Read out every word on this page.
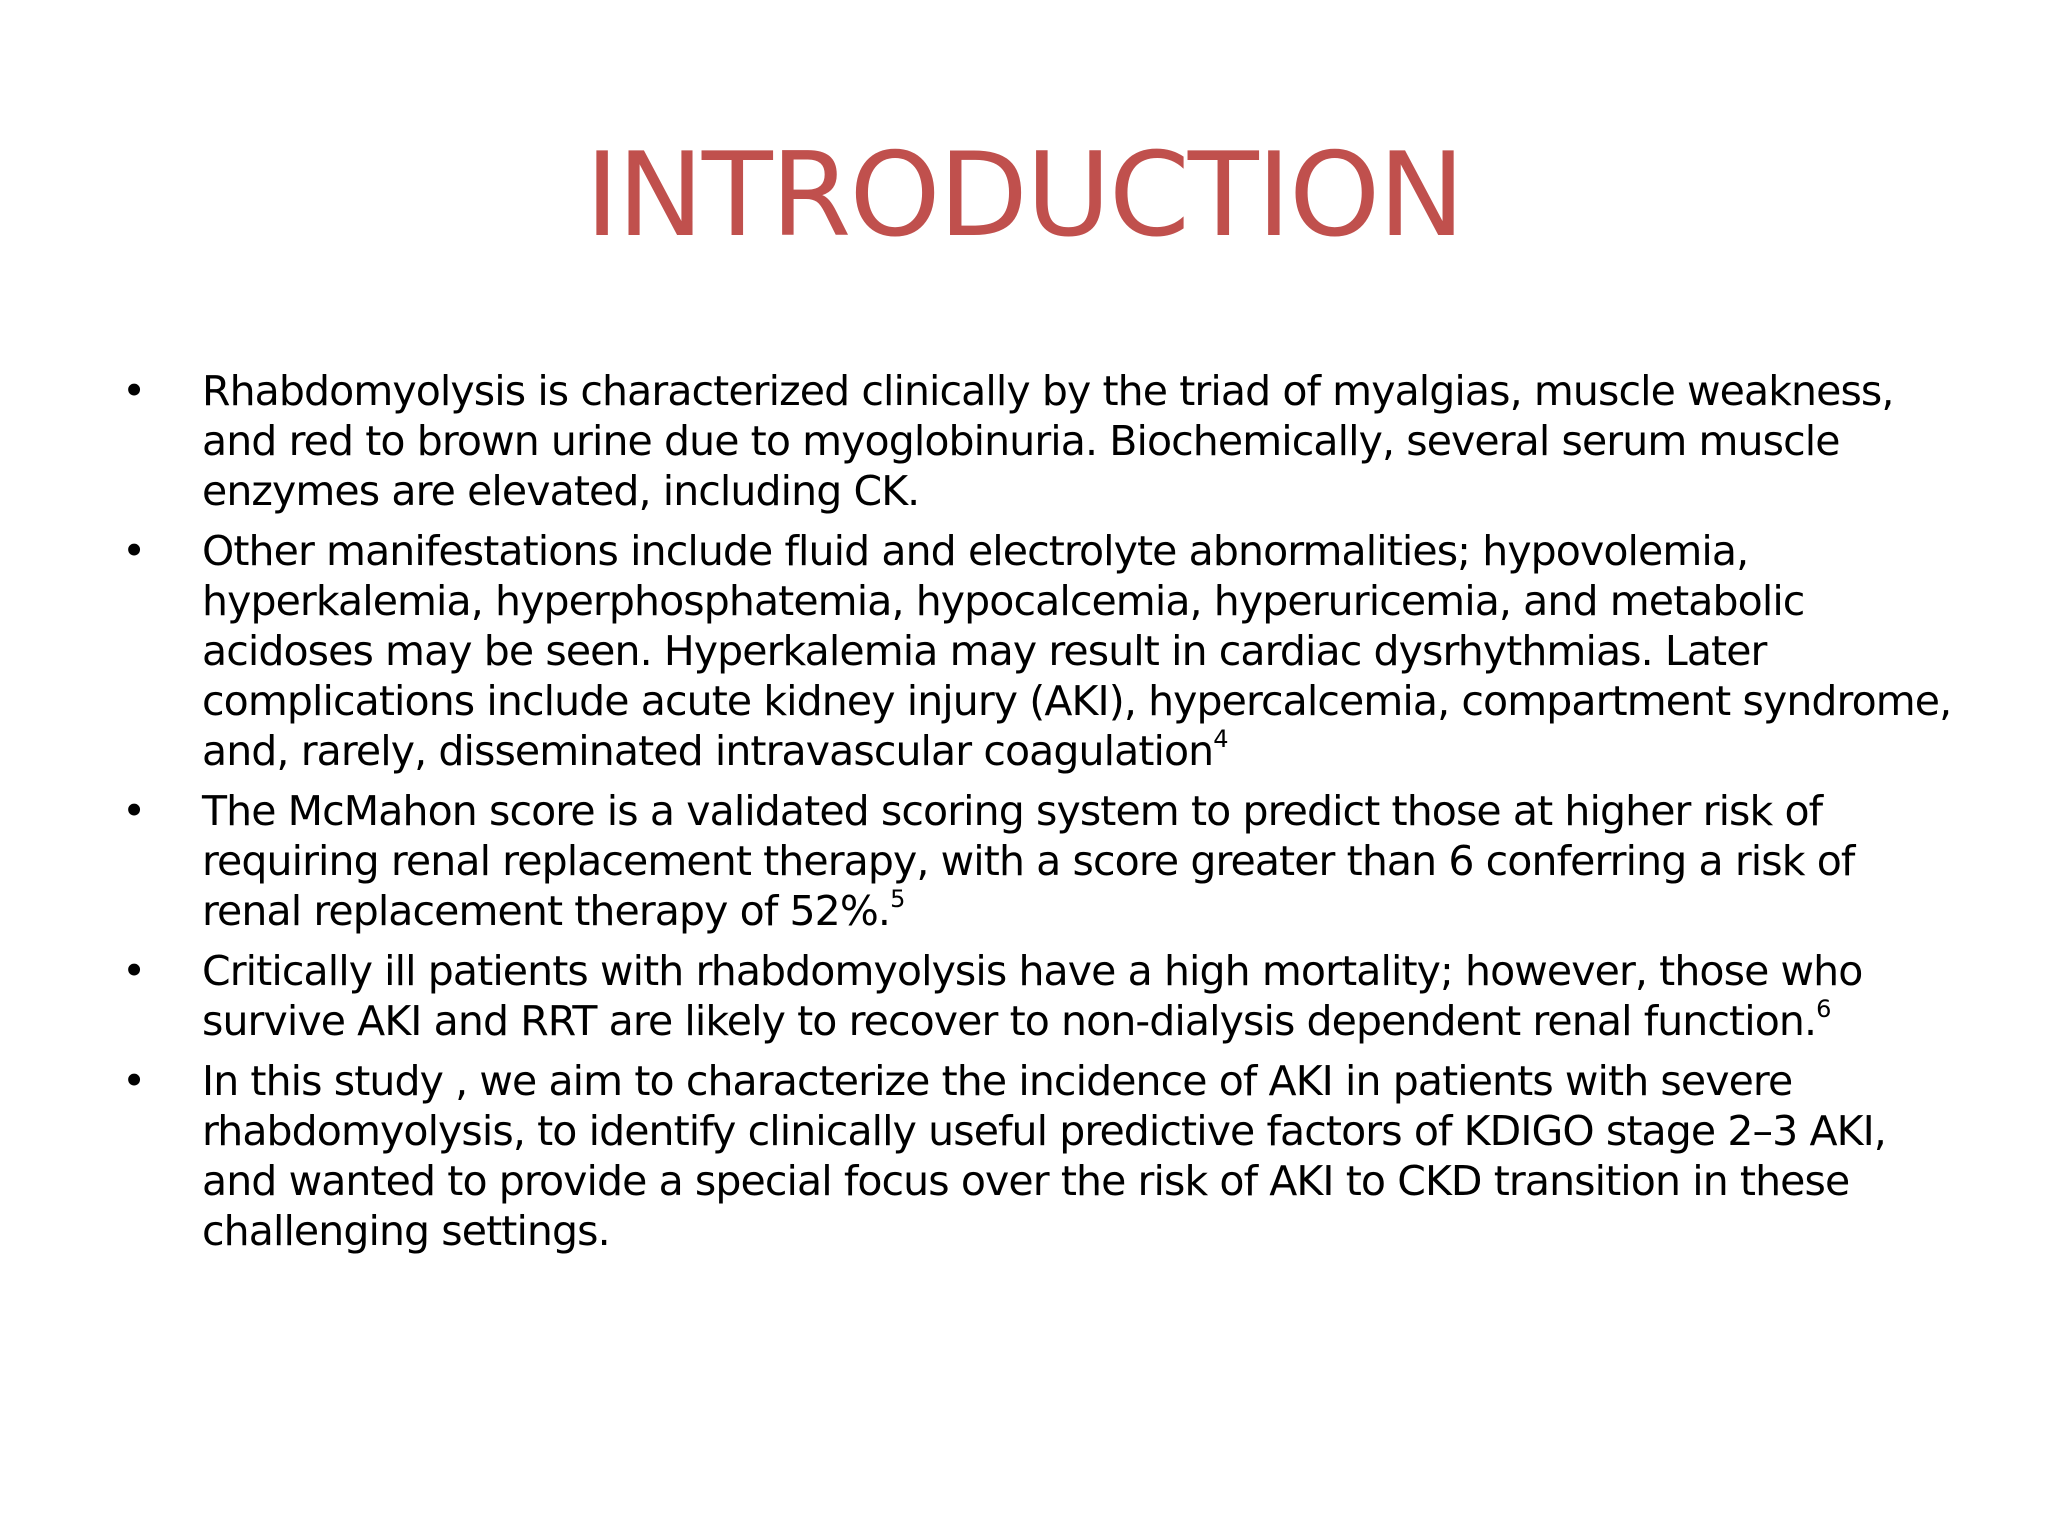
INTRODUCTION
• Rhabdomyolysis is characterized clinically by the triad of myalgias, muscle weakness, and red to brown urine due to myoglobinuria. Biochemically, several serum muscle enzymes are elevated, including CK.
• Other manifestations include fluid and electrolyte abnormalities; hypovolemia, hyperkalemia, hyperphosphatemia, hypocalcemia, hyperuricemia, and metabolic acidoses may be seen. Hyperkalemia may result in cardiac dysrhythmias. Later complications include acute kidney injury (AKI), hypercalcemia, compartment syndrome, and, rarely, disseminated intravascular coagulation$^4$
• The McMahon score is a validated scoring system to predict those at higher risk of requiring renal replacement therapy, with a score greater than 6 conferring a risk of renal replacement therapy of 52%.$^5$
• Critically ill patients with rhabdomyolysis have a high mortality; however, those who survive AKI and RRT are likely to recover to non-dialysis dependent renal function.$^6$
• In this study , we aim to characterize the incidence of AKI in patients with severe rhabdomyolysis, to identify clinically useful predictive factors of KDIGO stage 2–3 AKI, and wanted to provide a special focus over the risk of AKI to CKD transition in these challenging settings.
